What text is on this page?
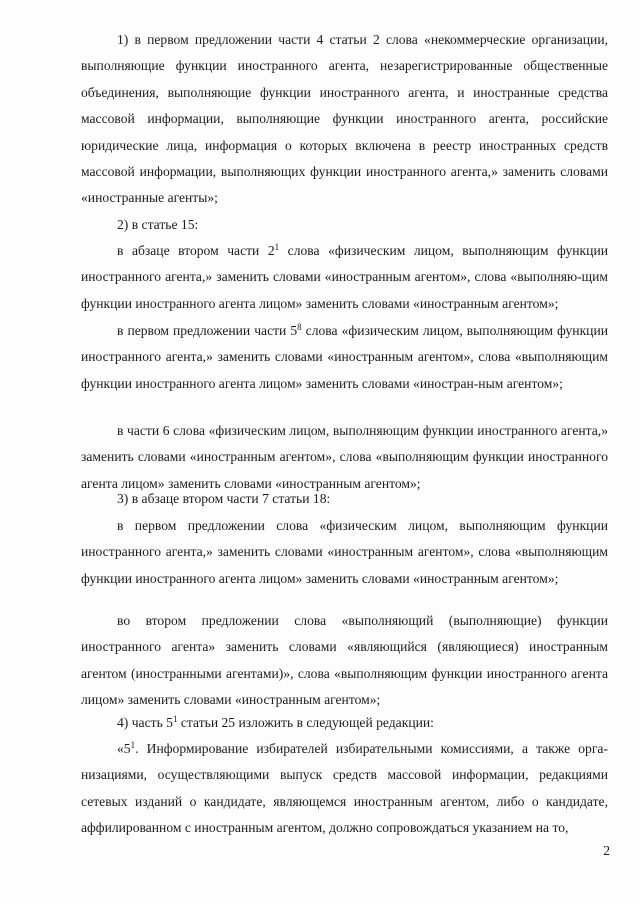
1) в первом предложении части 4 статьи 2 слова «некоммерческие организации, выполняющие функции иностранного агента, незарегистрированные общественные объединения, выполняющие функции иностранного агента, и иностранные средства массовой информации, выполняющие функции иностранного агента, российские юридические лица, информация о которых включена в реестр иностранных средств массовой информации, выполняющих функции иностранного агента,» заменить словами «иностранные агенты»;

2) в статье 15:

в абзаце втором части $2^1$ слова «физическим лицом, выполняющим функции иностранного агента,» заменить словами «иностранным агентом», слова «выполняю-щим функции иностранного агента лицом» заменить словами «иностранным агентом»;

в первом предложении части $5^8$ слова «физическим лицом, выполняющим функции иностранного агента,» заменить словами «иностранным агентом», слова «выполняющим функции иностранного агента лицом» заменить словами «иностран-ным агентом»;

в части 6 слова «физическим лицом, выполняющим функции иностранного агента,» заменить словами «иностранным агентом», слова «выполняющим функции иностранного агента лицом» заменить словами «иностранным агентом»;

3) в абзаце втором части 7 статьи 18:

в первом предложении слова «физическим лицом, выполняющим функции иностранного агента,» заменить словами «иностранным агентом», слова «выполняющим функции иностранного агента лицом» заменить словами «иностранным агентом»;

во втором предложении слова «выполняющий (выполняющие) функции иностранного агента» заменить словами «являющийся (являющиеся) иностранным агентом (иностранными агентами)», слова «выполняющим функции иностранного агента лицом» заменить словами «иностранным агентом»;

4) часть $5^1$ статьи 25 изложить в следующей редакции:

«$5^1$. Информирование избирателей избирательными комиссиями, а также орга-низациями, осуществляющими выпуск средств массовой информации, редакциями сетевых изданий о кандидате, являющемся иностранным агентом, либо о кандидате, аффилированном с иностранным агентом, должно сопровождаться указанием на то,

2
